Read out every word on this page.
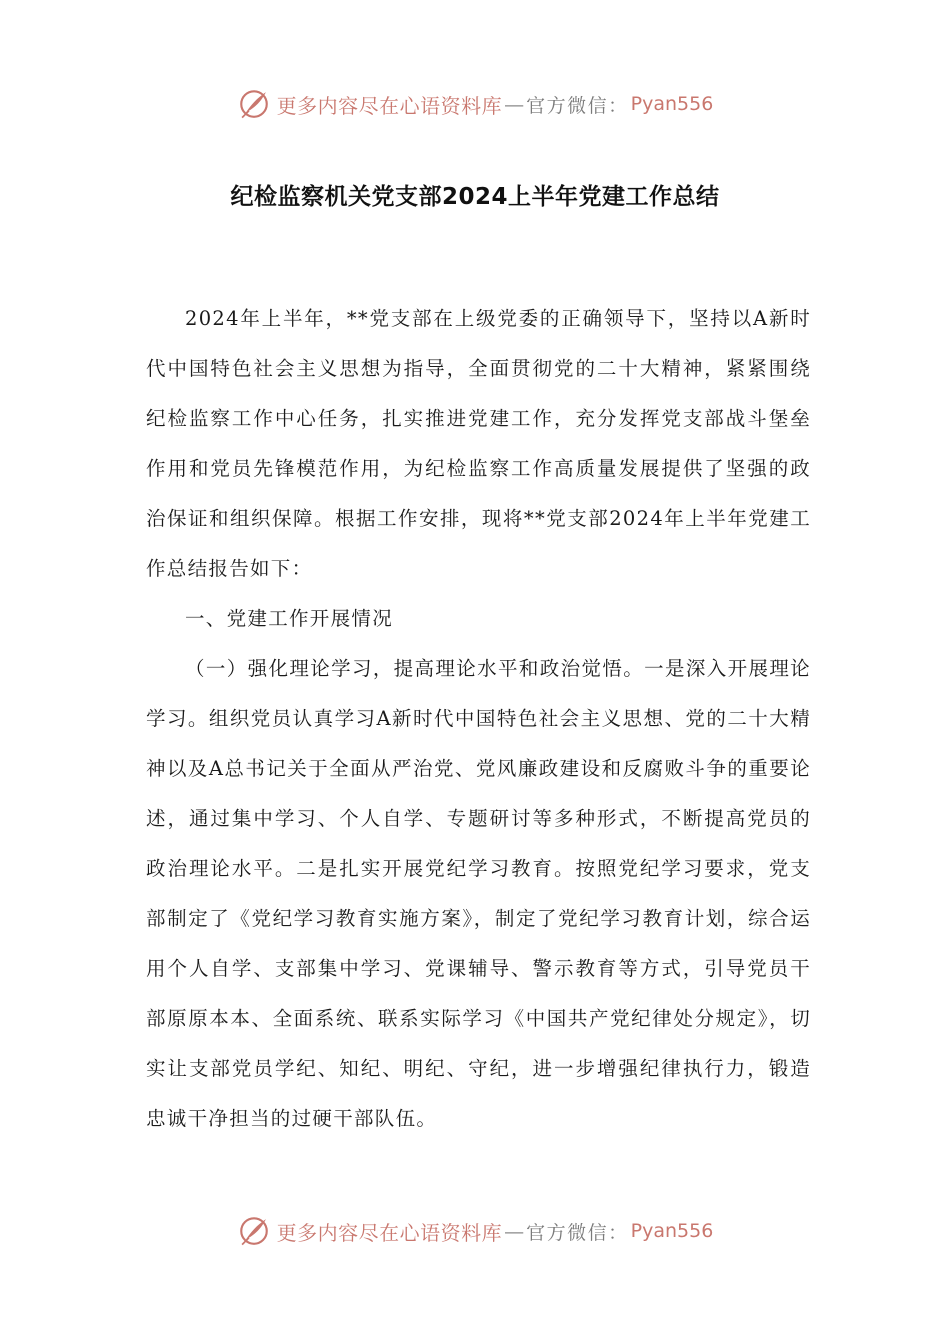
更多内容尽在心语资料库 — 官方微信： Pyan556
纪检监察机关党支部2024上半年党建工作总结

2024年上半年，**党支部在上级党委的正确领导下，坚持以A新时代中国特色社会主义思想为指导，全面贯彻党的二十大精神，紧紧围绕纪检监察工作中心任务，扎实推进党建工作，充分发挥党支部战斗堡垒作用和党员先锋模范作用，为纪检监察工作高质量发展提供了坚强的政治保证和组织保障。根据工作安排，现将**党支部2024年上半年党建工作总结报告如下：

一、党建工作开展情况

（一）强化理论学习，提高理论水平和政治觉悟。一是深入开展理论学习。组织党员认真学习A新时代中国特色社会主义思想、党的二十大精神以及A总书记关于全面从严治党、党风廉政建设和反腐败斗争的重要论述，通过集中学习、个人自学、专题研讨等多种形式，不断提高党员的政治理论水平。二是扎实开展党纪学习教育。按照党纪学习要求，党支部制定了《党纪学习教育实施方案》，制定了党纪学习教育计划，综合运用个人自学、支部集中学习、党课辅导、警示教育等方式，引导党员干部原原本本、全面系统、联系实际学习《中国共产党纪律处分规定》，切实让支部党员学纪、知纪、明纪、守纪，进一步增强纪律执行力，锻造忠诚干净担当的过硬干部队伍。

更多内容尽在心语资料库 — 官方微信： Pyan556
